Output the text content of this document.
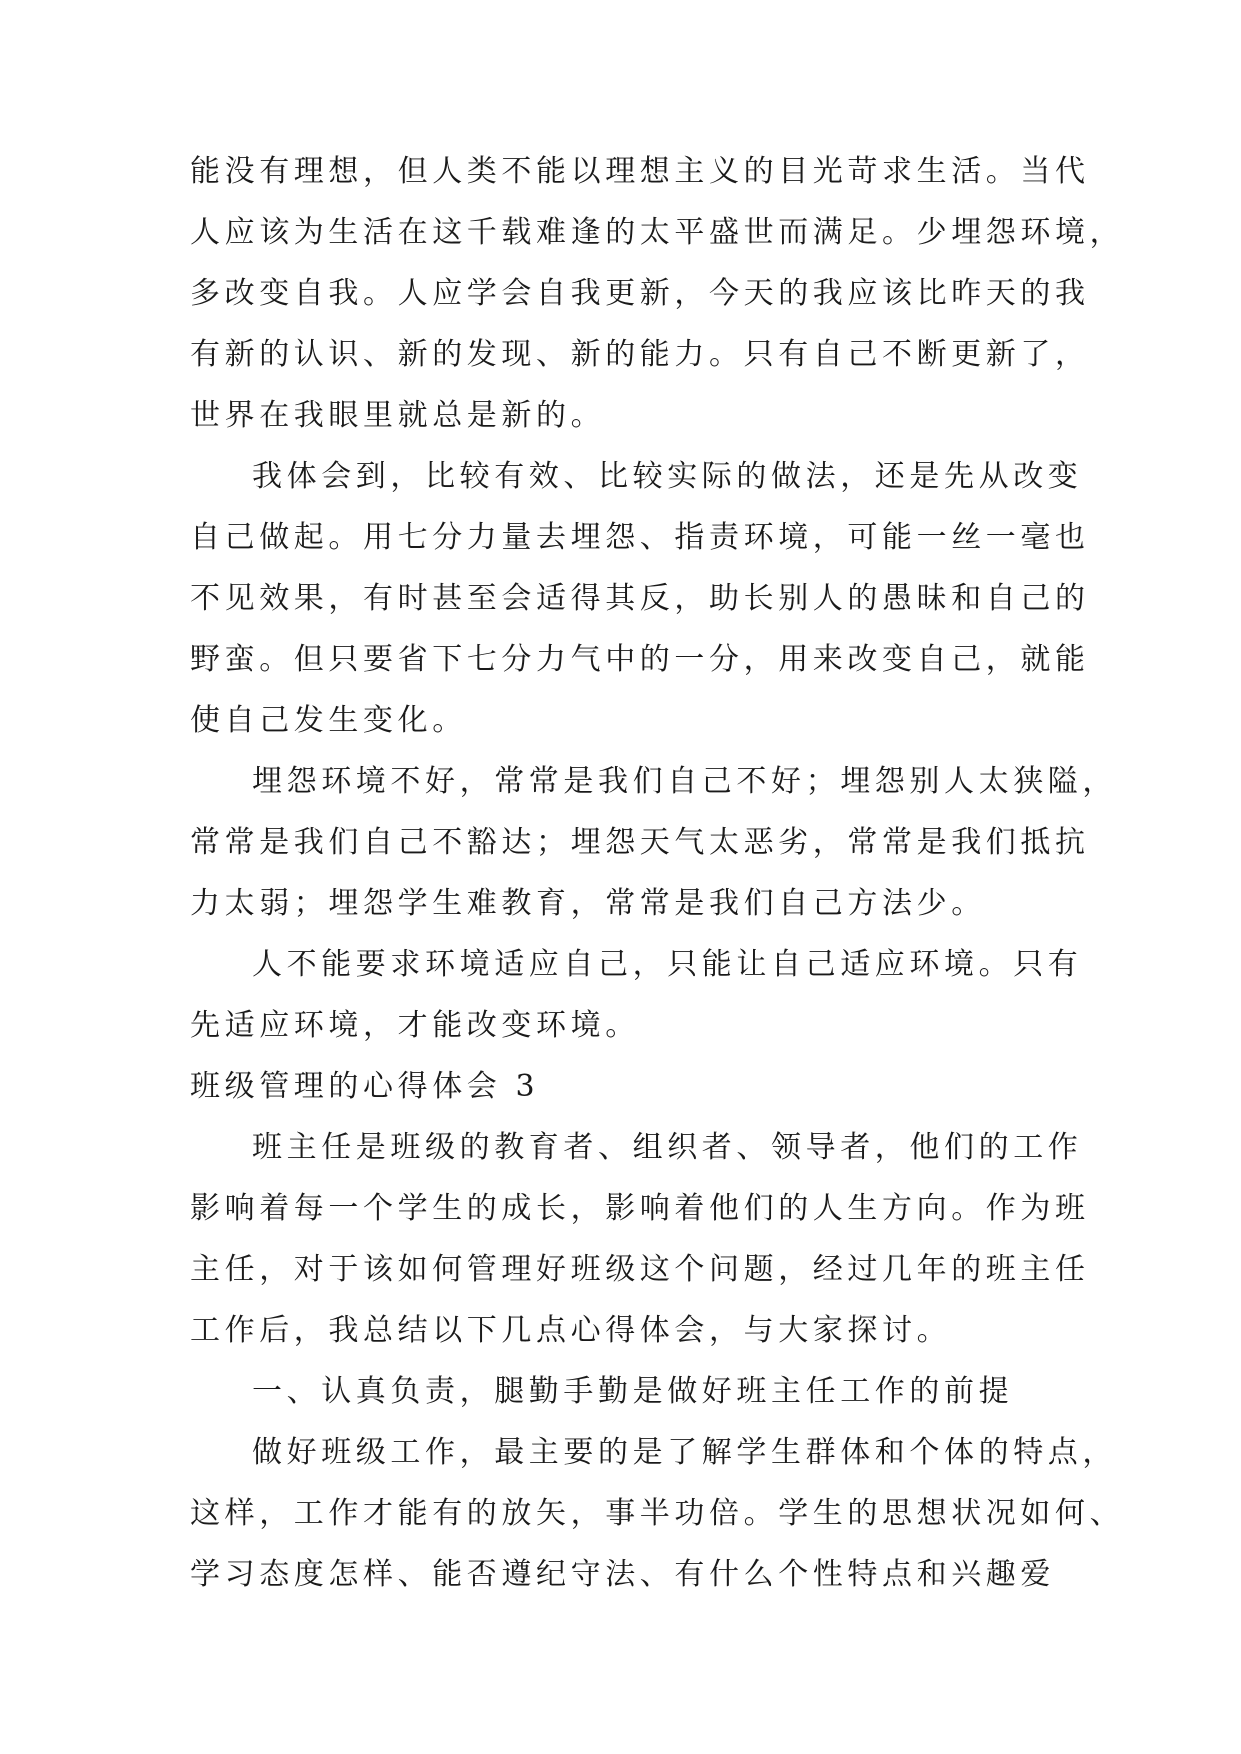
能没有理想，但人类不能以理想主义的目光苛求生活。当代
人应该为生活在这千载难逢的太平盛世而满足。少埋怨环境，
多改变自我。人应学会自我更新，今天的我应该比昨天的我
有新的认识、新的发现、新的能力。只有自己不断更新了，
世界在我眼里就总是新的。
我体会到，比较有效、比较实际的做法，还是先从改变
自己做起。用七分力量去埋怨、指责环境，可能一丝一毫也
不见效果，有时甚至会适得其反，助长别人的愚昧和自己的
野蛮。但只要省下七分力气中的一分，用来改变自己，就能
使自己发生变化。
埋怨环境不好，常常是我们自己不好；埋怨别人太狭隘，
常常是我们自己不豁达；埋怨天气太恶劣，常常是我们抵抗
力太弱；埋怨学生难教育，常常是我们自己方法少。
人不能要求环境适应自己，只能让自己适应环境。只有
先适应环境，才能改变环境。
班级管理的心得体会 3
班主任是班级的教育者、组织者、领导者，他们的工作
影响着每一个学生的成长，影响着他们的人生方向。作为班
主任，对于该如何管理好班级这个问题，经过几年的班主任
工作后，我总结以下几点心得体会，与大家探讨。
一、认真负责，腿勤手勤是做好班主任工作的前提
做好班级工作，最主要的是了解学生群体和个体的特点，
这样，工作才能有的放矢，事半功倍。学生的思想状况如何、
学习态度怎样、能否遵纪守法、有什么个性特点和兴趣爱
